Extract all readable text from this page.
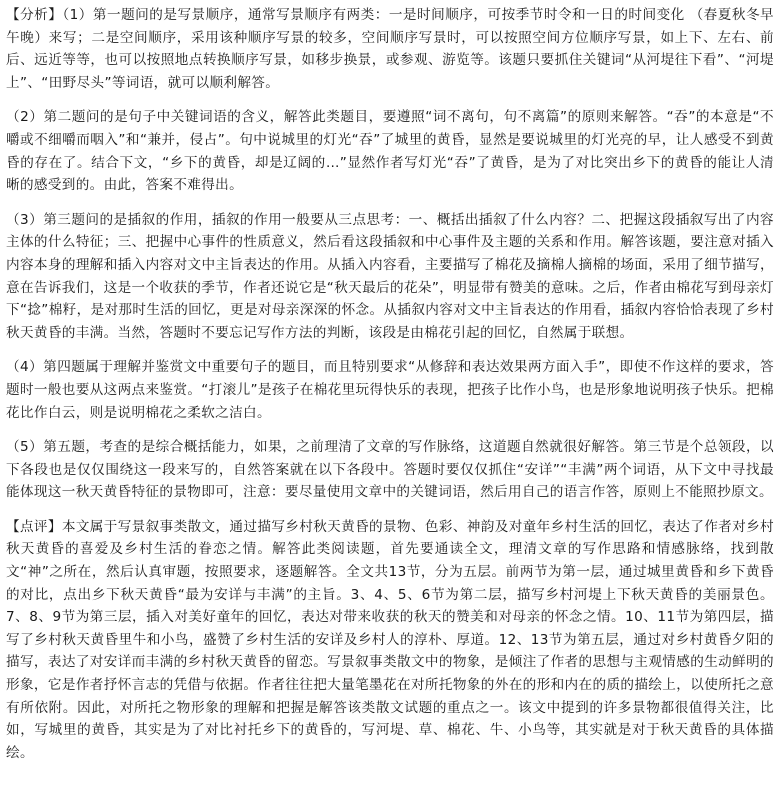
【分析】（1）第一题问的是写景顺序，通常写景顺序有两类：一是时间顺序，可按季节时令和一日的时间变化 （春夏秋冬早午晚）来写；二是空间顺序，采用该种顺序写景的较多，空间顺序写景时，可以按照空间方位顺序写景，如上下、左右、前后、远近等等，也可以按照地点转换顺序写景，如移步换景，或参观、游览等。该题只要抓住关键词“从河堤往下看”、“河堤上”、“田野尽头”等词语，就可以顺利解答。

（2）第二题问的是句子中关键词语的含义，解答此类题目，要遵照“词不离句，句不离篇”的原则来解答。“吞”的本意是“不嚼或不细嚼而咽入”和“兼并，侵占”。句中说城里的灯光“吞”了城里的黄昏，显然是要说城里的灯光亮的早，让人感受不到黄昏的存在了。结合下文，“乡下的黄昏，却是辽阔的…”显然作者写灯光“吞”了黄昏，是为了对比突出乡下的黄昏的能让人清晰的感受到的。由此，答案不难得出。

（3）第三题问的是插叙的作用，插叙的作用一般要从三点思考：一、概括出插叙了什么内容？二、把握这段插叙写出了内容主体的什么特征；三、把握中心事件的性质意义，然后看这段插叙和中心事件及主题的关系和作用。解答该题，要注意对插入内容本身的理解和插入内容对文中主旨表达的作用。从插入内容看，主要描写了棉花及摘棉人摘棉的场面，采用了细节描写，意在告诉我们，这是一个收获的季节，作者还说它是“秋天最后的花朵”，明显带有赞美的意味。之后，作者由棉花写到母亲灯下“捻”棉籽，是对那时生活的回忆，更是对母亲深深的怀念。从插叙内容对文中主旨表达的作用看，插叙内容恰恰表现了乡村秋天黄昏的丰满。当然，答题时不要忘记写作方法的判断，该段是由棉花引起的回忆，自然属于联想。

（4）第四题属于理解并鉴赏文中重要句子的题目，而且特别要求“从修辞和表达效果两方面入手”，即使不作这样的要求，答题时一般也要从这两点来鉴赏。“打滚儿”是孩子在棉花里玩得快乐的表现，把孩子比作小鸟，也是形象地说明孩子快乐。把棉花比作白云，则是说明棉花之柔软之洁白。

（5）第五题，考查的是综合概括能力，如果，之前理清了文章的写作脉络，这道题自然就很好解答。第三节是个总领段，以下各段也是仅仅围绕这一段来写的，自然答案就在以下各段中。答题时要仅仅抓住“安详”“丰满”两个词语，从下文中寻找最能体现这一秋天黄昏特征的景物即可，注意：要尽量使用文章中的关键词语，然后用自己的语言作答，原则上不能照抄原文。

【点评】本文属于写景叙事类散文，通过描写乡村秋天黄昏的景物、色彩、神韵及对童年乡村生活的回忆，表达了作者对乡村秋天黄昏的喜爱及乡村生活的眷恋之情。解答此类阅读题，首先要通读全文，理清文章的写作思路和情感脉络，找到散文“神”之所在，然后认真审题，按照要求，逐题解答。全文共13节，分为五层。前两节为第一层，通过城里黄昏和乡下黄昏的对比，点出乡下秋天黄昏“最为安详与丰满”的主旨。3、4、5、6节为第二层，描写乡村河堤上下秋天黄昏的美丽景色。7、8、9节为第三层，插入对美好童年的回忆，表达对带来收获的秋天的赞美和对母亲的怀念之情。10、11节为第四层，描写了乡村秋天黄昏里牛和小鸟，盛赞了乡村生活的安详及乡村人的淳朴、厚道。12、13节为第五层，通过对乡村黄昏夕阳的描写，表达了对安详而丰满的乡村秋天黄昏的留恋。写景叙事类散文中的物象，是倾注了作者的思想与主观情感的生动鲜明的形象，它是作者抒怀言志的凭借与依据。作者往往把大量笔墨花在对所托物象的外在的形和内在的质的描绘上，以使所托之意有所依附。因此，对所托之物形象的理解和把握是解答该类散文试题的重点之一。该文中提到的许多景物都很值得关注，比如，写城里的黄昏，其实是为了对比衬托乡下的黄昏的，写河堤、草、棉花、牛、小鸟等，其实就是对于秋天黄昏的具体描绘。
